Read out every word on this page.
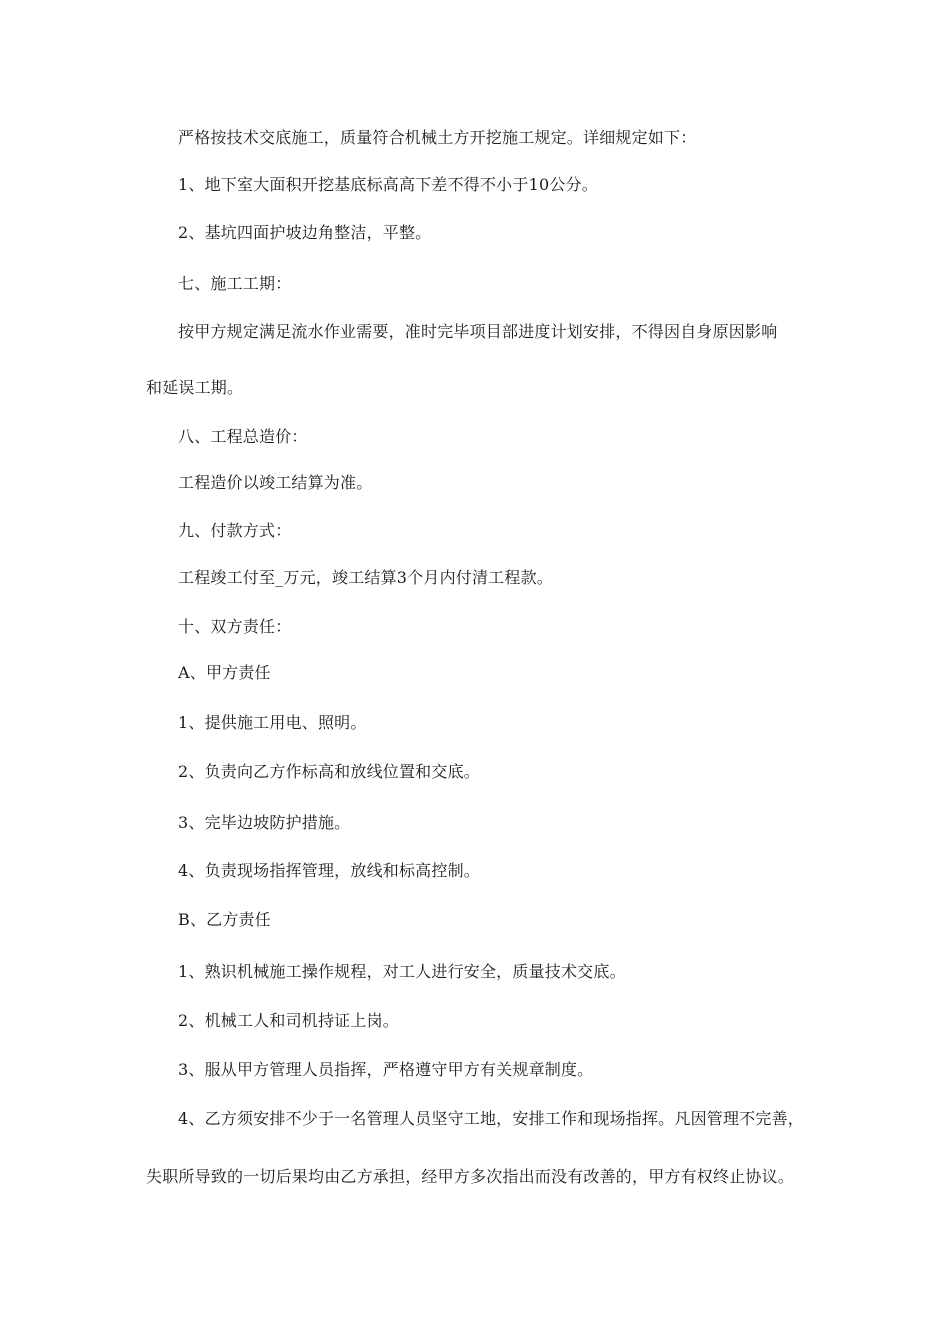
严格按技术交底施工，质量符合机械土方开挖施工规定。详细规定如下：
1、地下室大面积开挖基底标高高下差不得不小于10公分。
2、基坑四面护坡边角整洁，平整。
七、施工工期：
按甲方规定满足流水作业需要，准时完毕项目部进度计划安排，不得因自身原因影响
和延误工期。
八、工程总造价：
工程造价以竣工结算为准。
九、付款方式：
工程竣工付至_万元，竣工结算3个月内付清工程款。
十、双方责任：
A、甲方责任
1、提供施工用电、照明。
2、负责向乙方作标高和放线位置和交底。
3、完毕边坡防护措施。
4、负责现场指挥管理，放线和标高控制。
B、乙方责任
1、熟识机械施工操作规程，对工人进行安全，质量技术交底。
2、机械工人和司机持证上岗。
3、服从甲方管理人员指挥，严格遵守甲方有关规章制度。
4、乙方须安排不少于一名管理人员坚守工地，安排工作和现场指挥。凡因管理不完善，
失职所导致的一切后果均由乙方承担，经甲方多次指出而没有改善的，甲方有权终止协议。
